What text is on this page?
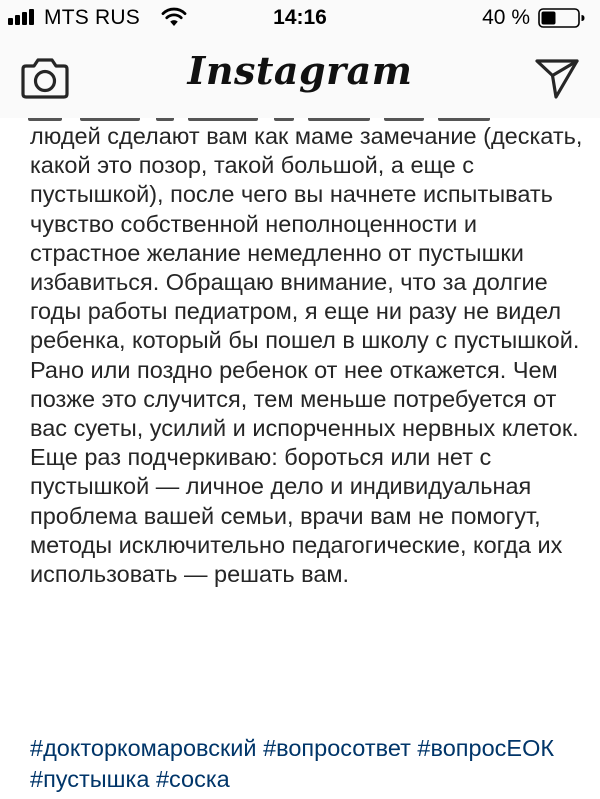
MTS RUS	14:16	40 %
Instagram

людей сделают вам как маме замечание (дескать, какой это позор, такой большой, а еще с пустышкой), после чего вы начнете испытывать чувство собственной неполноценности и страстное желание немедленно от пустышки избавиться. Обращаю внимание, что за долгие годы работы педиатром, я еще ни разу не видел ребенка, который бы пошел в школу с пустышкой. Рано или поздно ребенок от нее откажется. Чем позже это случится, тем меньше потребуется от вас суеты, усилий и испорченных нервных клеток. Еще раз подчеркиваю: бороться или нет с пустышкой — личное дело и индивидуальная проблема вашей семьи, врачи вам не помогут, методы исключительно педагогические, когда их использовать — решать вам.

#докторкомаровский #вопросответ #вопросЕОК #пустышка #соска
